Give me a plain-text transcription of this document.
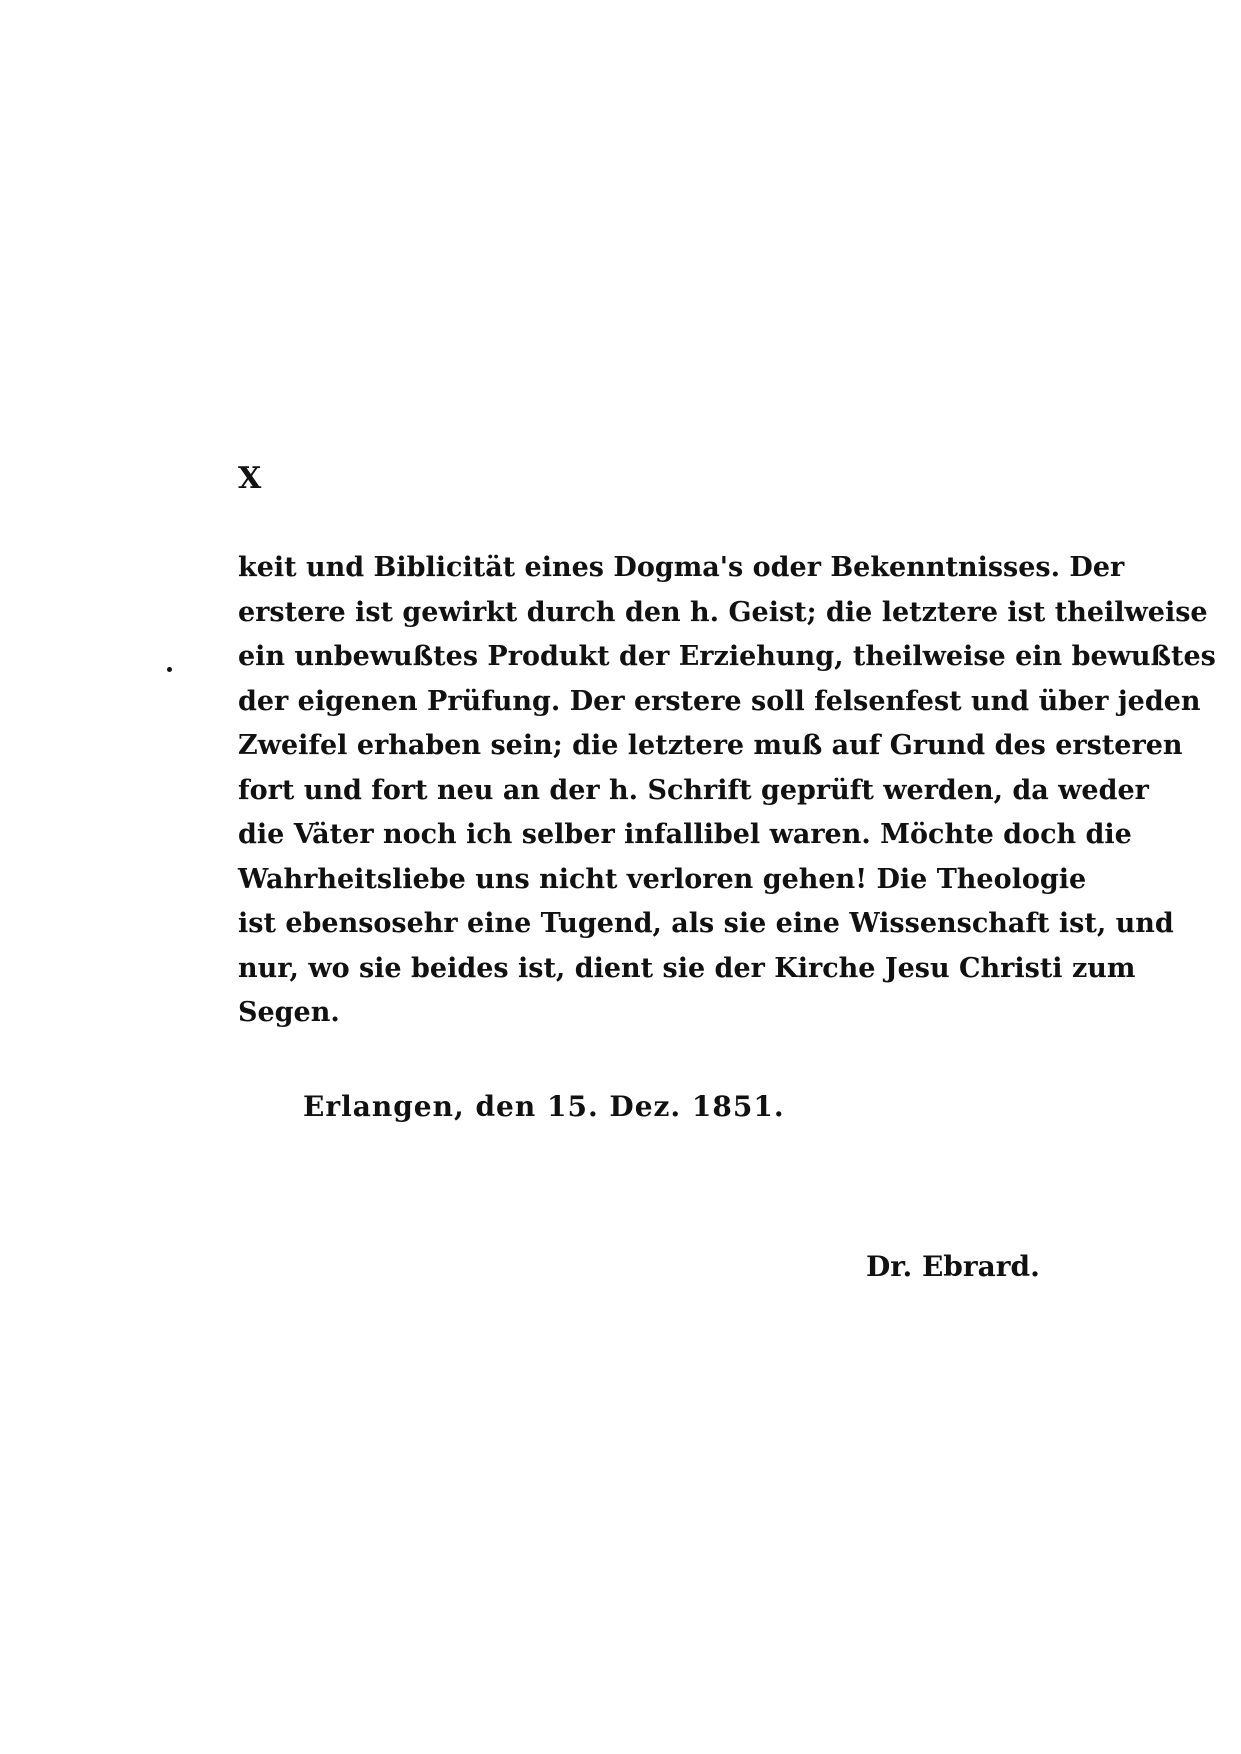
X
keit und Biblicität eines Dogma's oder Bekenntnisses. Der
erstere ist gewirkt durch den h. Geist; die letztere ist theilweise
ein unbewußtes Produkt der Erziehung, theilweise ein bewußtes
der eigenen Prüfung. Der erstere soll felsenfest und über jeden
Zweifel erhaben sein; die letztere muß auf Grund des ersteren
fort und fort neu an der h. Schrift geprüft werden, da weder
die Väter noch ich selber infallibel waren. Möchte doch die
Wahrheitsliebe uns nicht verloren gehen! Die Theologie
ist ebensosehr eine Tugend, als sie eine Wissenschaft ist, und
nur, wo sie beides ist, dient sie der Kirche Jesu Christi zum
Segen.
Erlangen, den 15. Dez. 1851.
Dr. Ebrard.
